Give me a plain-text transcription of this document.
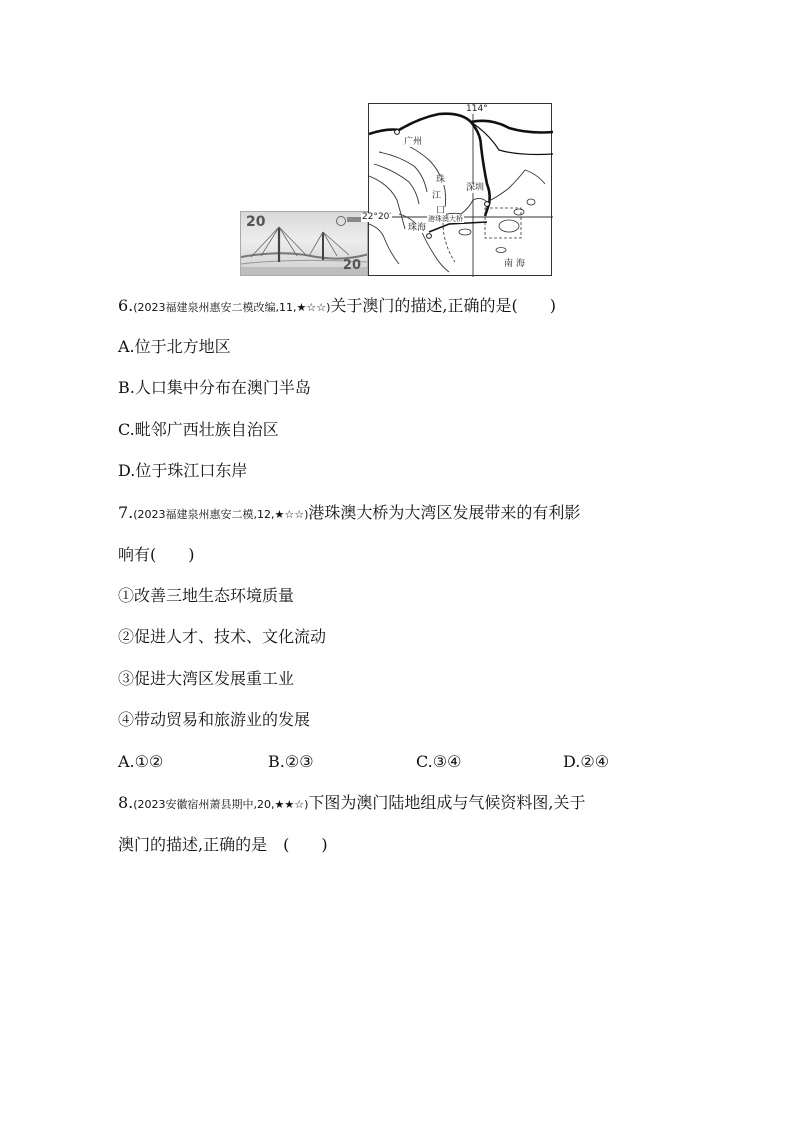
20
20
114°
22°20′
广州
珠
江
口
深圳
港珠澳大桥
珠海
南 海
6.(2023福建泉州惠安二模改编,11,★☆☆)关于澳门的描述,正确的是(　　)
A.位于北方地区
B.人口集中分布在澳门半岛
C.毗邻广西壮族自治区
D.位于珠江口东岸
7.(2023福建泉州惠安二模,12,★☆☆)港珠澳大桥为大湾区发展带来的有利影
响有(　　)
①改善三地生态环境质量
②促进人才、技术、文化流动
③促进大湾区发展重工业
④带动贸易和旅游业的发展
A.①②	B.②③	C.③④	D.②④
8.(2023安徽宿州萧县期中,20,★★☆)下图为澳门陆地组成与气候资料图,关于
澳门的描述,正确的是　(　　)
